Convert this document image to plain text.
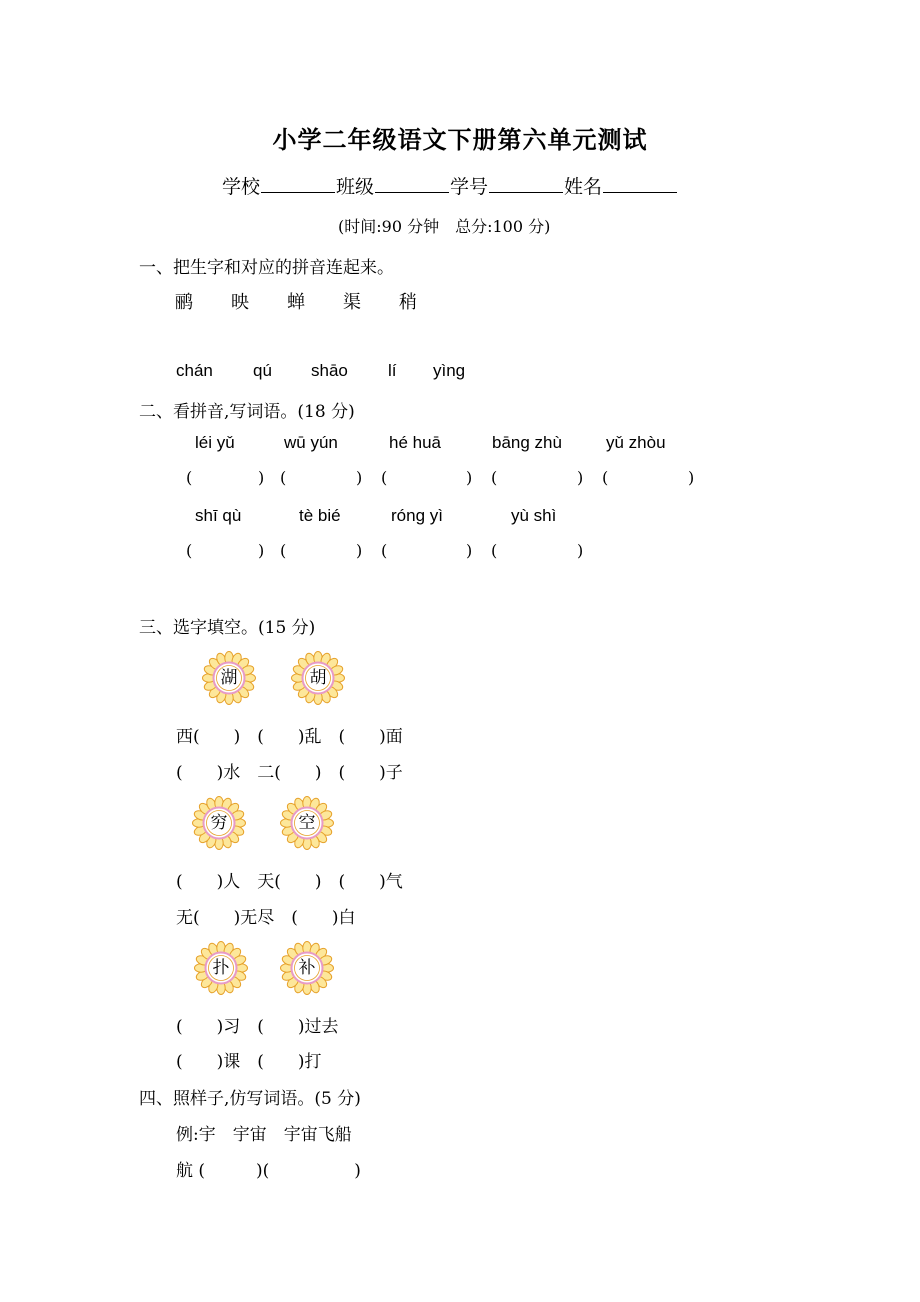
小学二年级语文下册第六单元测试
学校	班级	学号	姓名
(时间:90 分钟　总分:100 分)
一、把生字和对应的拼音连起来。
鹂 映 蝉 渠 稍
chán qú shāo lí yìng
二、看拼音,写词语。(18 分)
léi yǔ	wū yún	hé huā	bāng zhù	yǔ zhòu
(	) (	) (	) (	) (	)
shī qù	tè bié	róng yì	yù shì
(	) (	) (	) (	)
三、选字填空。(15 分)
湖	胡
西(　　)　(　　)乱　(　　)面
(　　)水　二(　　)　(　　)子
穷	空
(　　)人　天(　　)　(　　)气
无(　　)无尽　(　　)白
扑	补
(　　)习　(　　)过去
(　　)课　(　　)打
四、照样子,仿写词语。(5 分)
例:宇　宇宙　宇宙飞船
航 (　　　)(　　　　　)
